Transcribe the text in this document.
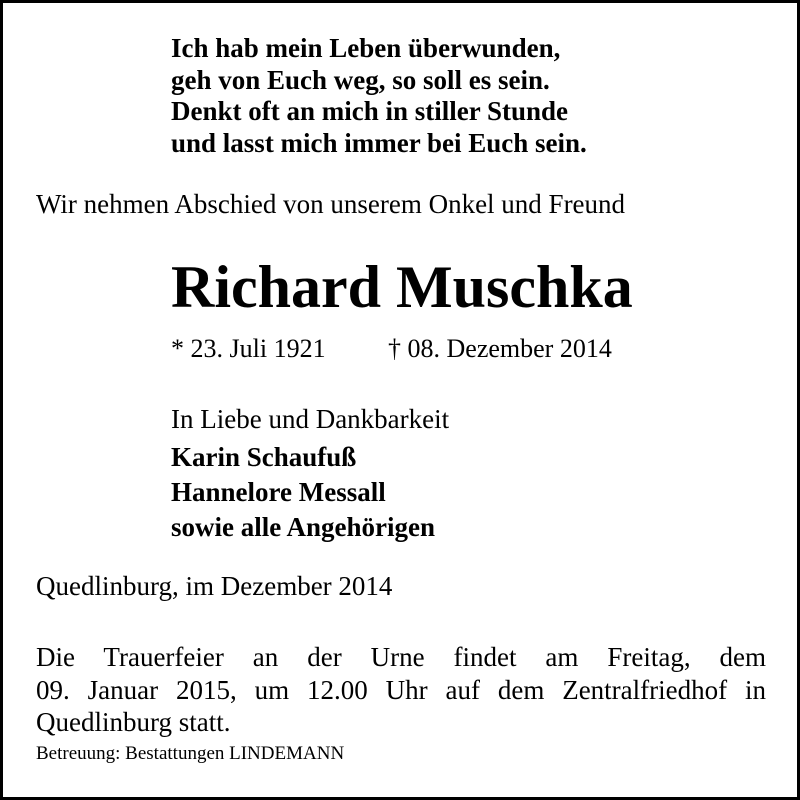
Ich hab mein Leben überwunden,
geh von Euch weg, so soll es sein.
Denkt oft an mich in stiller Stunde
und lasst mich immer bei Euch sein.
Wir nehmen Abschied von unserem Onkel und Freund
Richard Muschka
* 23. Juli 1921 † 08. Dezember 2014
In Liebe und Dankbarkeit
Karin Schaufuß
Hannelore Messall
sowie alle Angehörigen
Quedlinburg, im Dezember 2014
Die Trauerfeier an der Urne findet am Freitag, dem
09. Januar 2015, um 12.00 Uhr auf dem Zentralfriedhof in
Quedlinburg statt.
Betreuung: Bestattungen LINDEMANN
